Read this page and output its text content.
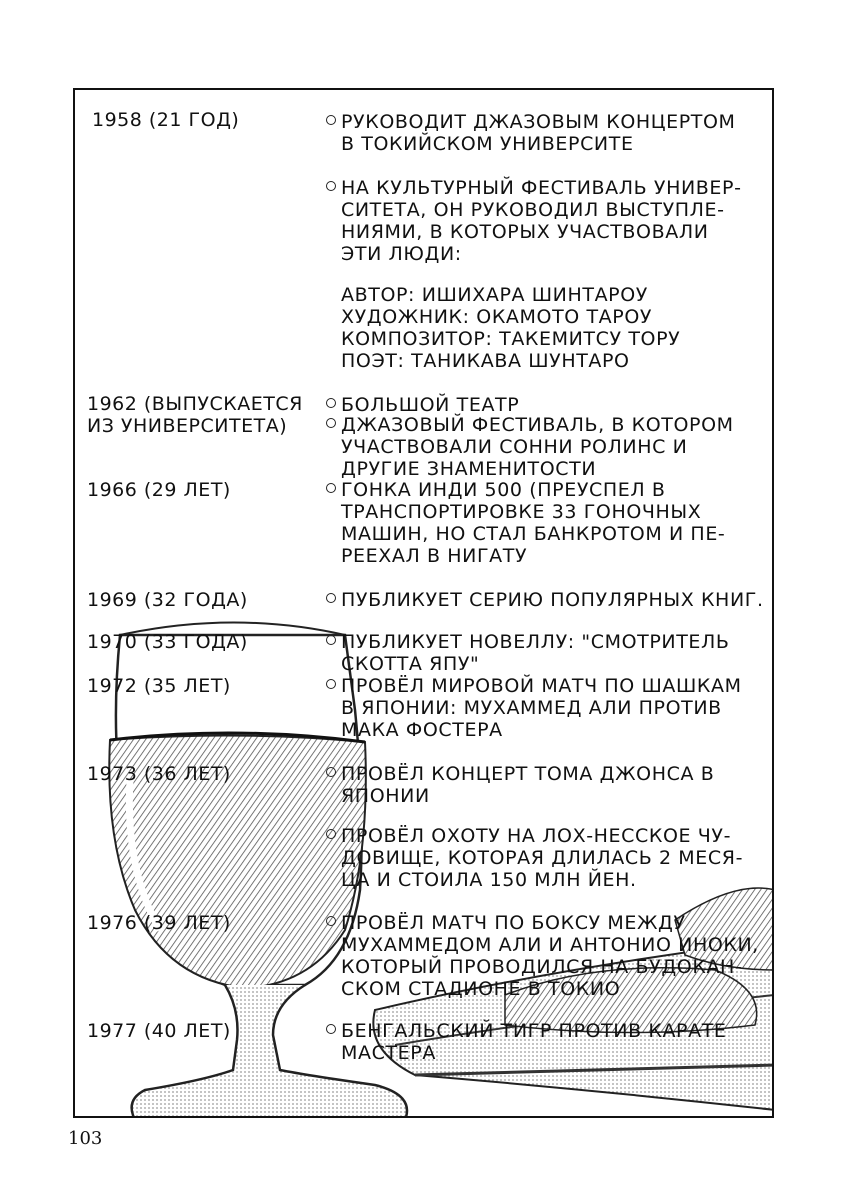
1958 (21 ГОД)
1962 (ВЫПУСКАЕТСЯ
ИЗ УНИВЕРСИТЕТА)
1966 (29 ЛЕТ)
1969 (32 ГОДА)
1970 (33 ГОДА)
1972 (35 ЛЕТ)
1973 (36 ЛЕТ)
1976 (39 ЛЕТ)
1977 (40 ЛЕТ)
РУКОВОДИТ ДЖАЗОВЫМ КОНЦЕРТОМ
В ТОКИЙСКОМ УНИВЕРСИТЕ
НА КУЛЬТУРНЫЙ ФЕСТИВАЛЬ УНИВЕР-
СИТЕТА, ОН РУКОВОДИЛ ВЫСТУПЛЕ-
НИЯМИ, В КОТОРЫХ УЧАСТВОВАЛИ
ЭТИ ЛЮДИ:
АВТОР: ИШИХАРА ШИНТАРОУ
ХУДОЖНИК: ОКАМОТО ТАРОУ
КОМПОЗИТОР: ТАКЕМИТСУ ТОРУ
ПОЭТ: ТАНИКАВА ШУНТАРО
БОЛЬШОЙ ТЕАТР
ДЖАЗОВЫЙ ФЕСТИВАЛЬ, В КОТОРОМ
УЧАСТВОВАЛИ СОННИ РОЛИНС И
ДРУГИЕ ЗНАМЕНИТОСТИ
ГОНКА ИНДИ 500 (ПРЕУСПЕЛ В
ТРАНСПОРТИРОВКЕ 33 ГОНОЧНЫХ
МАШИН, НО СТАЛ БАНКРОТОМ И ПЕ-
РЕЕХАЛ В НИГАТУ
ПУБЛИКУЕТ СЕРИЮ ПОПУЛЯРНЫХ КНИГ.
ПУБЛИКУЕТ НОВЕЛЛУ: "СМОТРИТЕЛЬ
СКОТТА ЯПУ"
ПРОВЁЛ МИРОВОЙ МАТЧ ПО ШАШКАМ
В ЯПОНИИ: МУХАММЕД АЛИ ПРОТИВ
МАКА ФОСТЕРА
ПРОВЁЛ КОНЦЕРТ ТОМА ДЖОНСА В
ЯПОНИИ
ПРОВЁЛ ОХОТУ НА ЛОХ-НЕССКОЕ ЧУ-
ДОВИЩЕ, КОТОРАЯ ДЛИЛАСЬ 2 МЕСЯ-
ЦА И СТОИЛА 150 МЛН ЙЕН.
ПРОВЁЛ МАТЧ ПО БОКСУ МЕЖДУ
МУХАММЕДОМ АЛИ И АНТОНИО ИНОКИ,
КОТОРЫЙ ПРОВОДИЛСЯ НА БУДОКАН-
СКОМ СТАДИОНЕ В ТОКИО
БЕНГАЛЬСКИЙ ТИГР ПРОТИВ КАРАТЕ
МАСТЕРА
103
